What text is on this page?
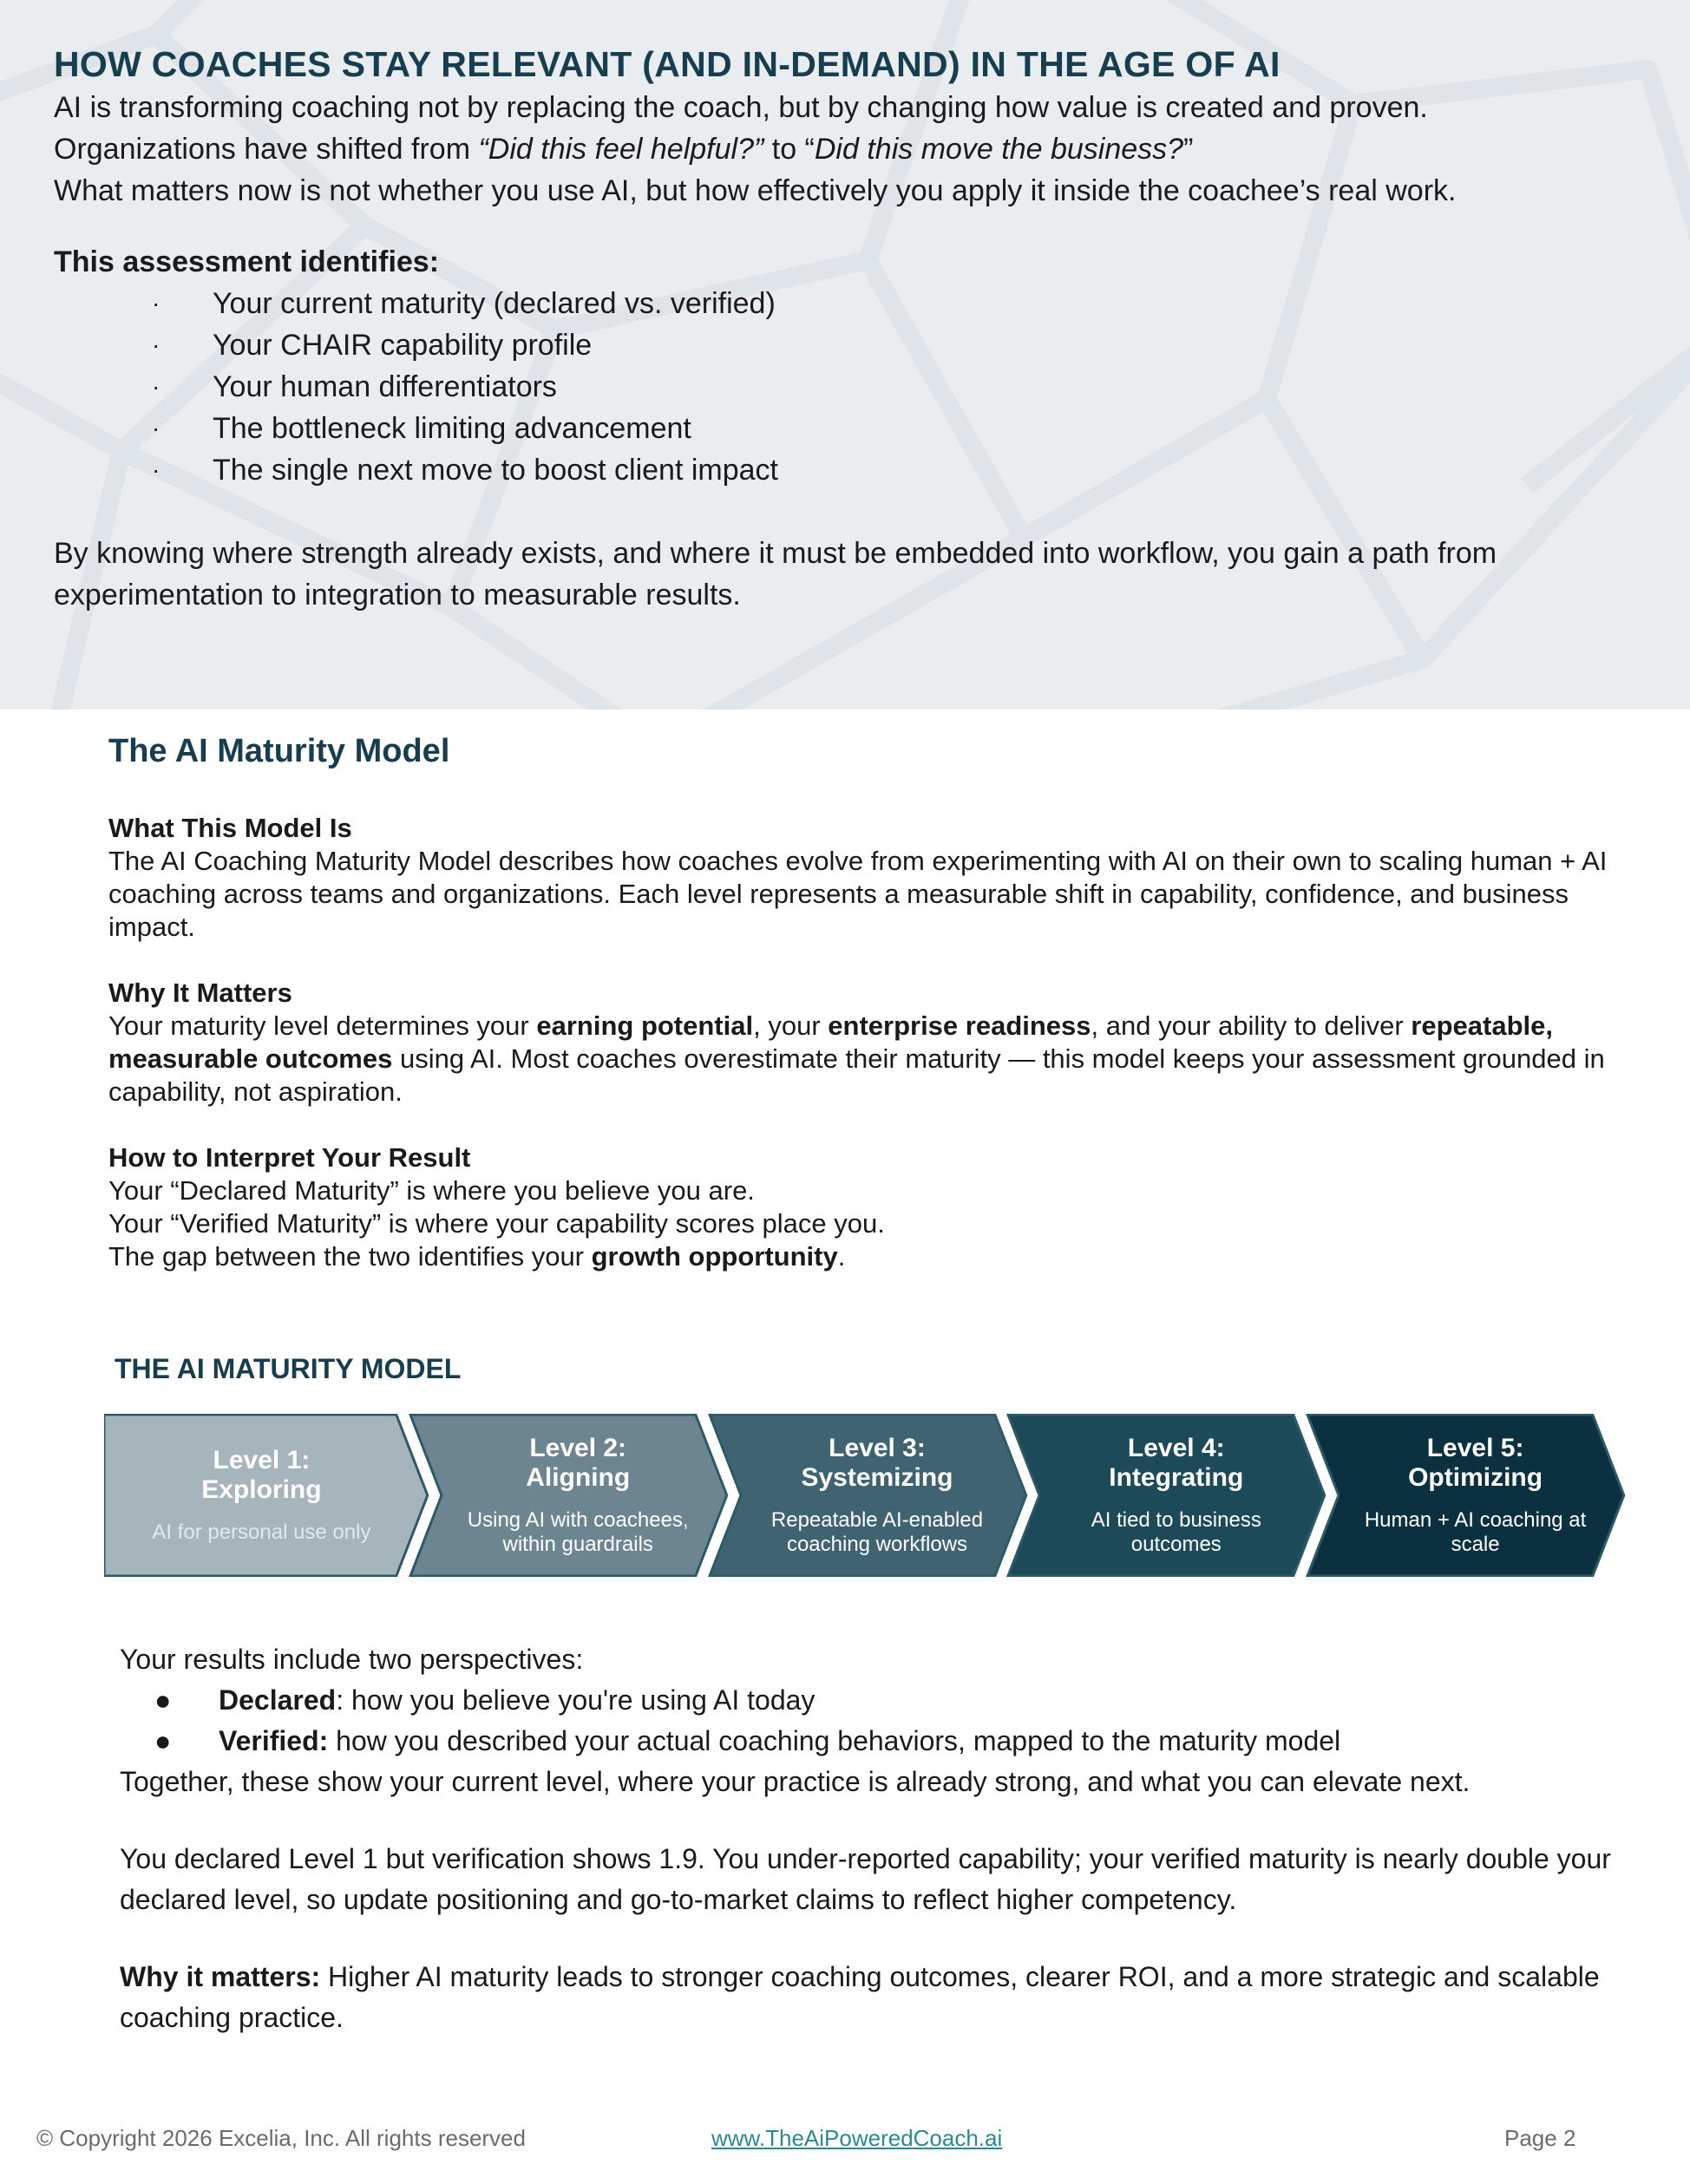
HOW COACHES STAY RELEVANT (AND IN-DEMAND) IN THE AGE OF AI

AI is transforming coaching not by replacing the coach, but by changing how value is created and proven.

Organizations have shifted from “Did this feel helpful?” to “Did this move the business?”

What matters now is not whether you use AI, but how effectively you apply it inside the coachee’s real work.

This assessment identifies:

· Your current maturity (declared vs. verified)
· Your CHAIR capability profile
· Your human differentiators
· The bottleneck limiting advancement
· The single next move to boost client impact

By knowing where strength already exists, and where it must be embedded into workflow, you gain a path from experimentation to integration to measurable results.

The AI Maturity Model

What This Model Is

The AI Coaching Maturity Model describes how coaches evolve from experimenting with AI on their own to scaling human + AI coaching across teams and organizations. Each level represents a measurable shift in capability, confidence, and business impact.

Why It Matters

Your maturity level determines your earning potential, your enterprise readiness, and your ability to deliver repeatable, measurable outcomes using AI. Most coaches overestimate their maturity — this model keeps your assessment grounded in capability, not aspiration.

How to Interpret Your Result

Your “Declared Maturity” is where you believe you are.

Your “Verified Maturity” is where your capability scores place you.

The gap between the two identifies your growth opportunity.

THE AI MATURITY MODEL
Level 1:
Exploring
AI for personal use only
Level 2:
Aligning
Using AI with coachees, within guardrails
Level 3:
Systemizing
Repeatable AI-enabled coaching workflows
Level 4:
Integrating
AI tied to business outcomes
Level 5:
Optimizing
Human + AI coaching at scale

Your results include two perspectives:

● Declared: how you believe you're using AI today
● Verified: how you described your actual coaching behaviors, mapped to the maturity model

Together, these show your current level, where your practice is already strong, and what you can elevate next.

You declared Level 1 but verification shows 1.9. You under-reported capability; your verified maturity is nearly double your declared level, so update positioning and go-to-market claims to reflect higher competency.

Why it matters: Higher AI maturity leads to stronger coaching outcomes, clearer ROI, and a more strategic and scalable coaching practice.

© Copyright 2026 Excelia, Inc. All rights reserved	www.TheAiPoweredCoach.ai	Page 2
